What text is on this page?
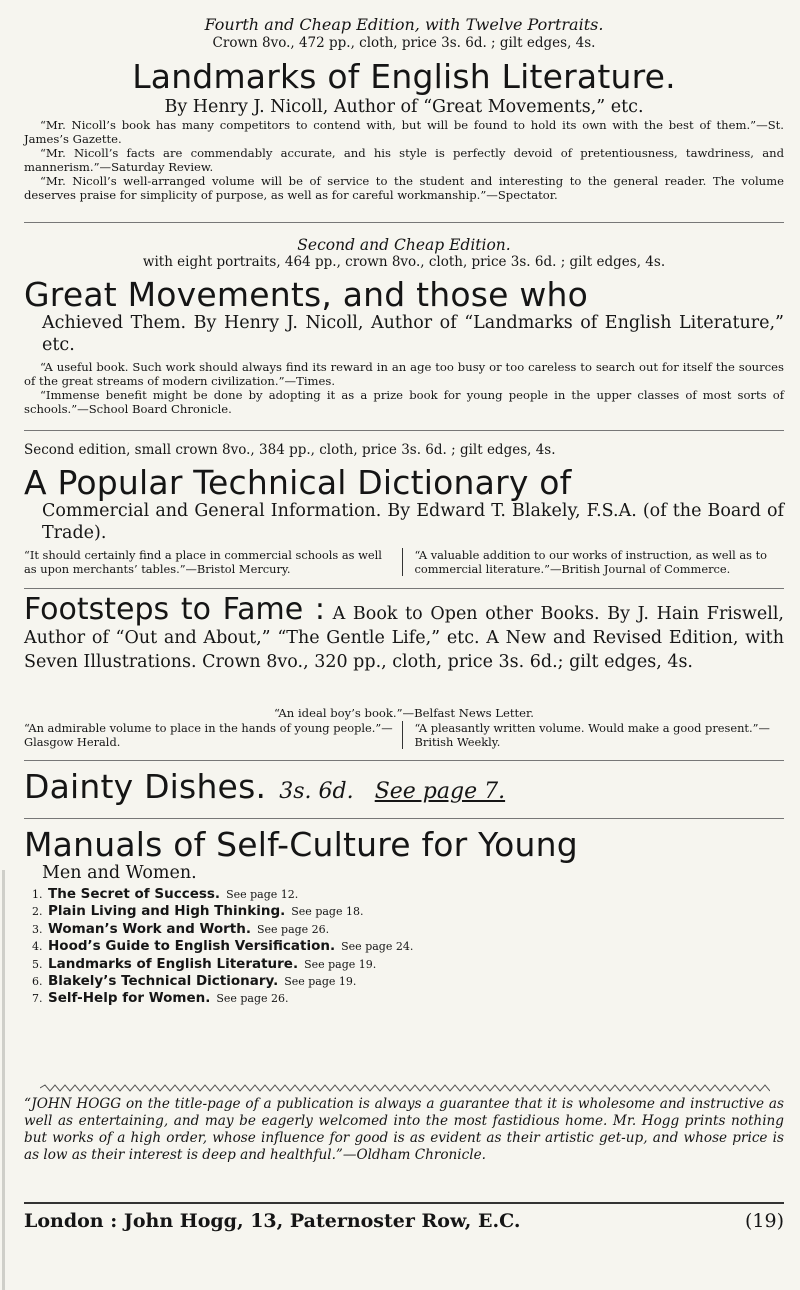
Fourth and Cheap Edition, with Twelve Portraits.
Crown 8vo., 472 pp., cloth, price 3s. 6d. ; gilt edges, 4s.
Landmarks of English Literature.
By Henry J. Nicoll, Author of “Great Movements,” etc.

“Mr. Nicoll’s book has many competitors to contend with, but will be found to hold its own with the best of them.”—St. James’s Gazette.

“Mr. Nicoll’s facts are commendably accurate, and his style is perfectly devoid of pretentiousness, tawdriness, and mannerism.”—Saturday Review.

“Mr. Nicoll’s well-arranged volume will be of service to the student and interesting to the general reader. The volume deserves praise for simplicity of purpose, as well as for careful workmanship.”—Spectator.

Second and Cheap Edition.
with eight portraits, 464 pp., crown 8vo., cloth, price 3s. 6d. ; gilt edges, 4s.
Great Movements, and those who
Achieved Them. By Henry J. Nicoll, Author of “Landmarks of English Literature,” etc.

“A useful book. Such work should always find its reward in an age too busy or too careless to search out for itself the sources of the great streams of modern civilization.”—Times.

“Immense benefit might be done by adopting it as a prize book for young people in the upper classes of most sorts of schools.”—School Board Chronicle.

Second edition, small crown 8vo., 384 pp., cloth, price 3s. 6d. ; gilt edges, 4s.
A Popular Technical Dictionary of
Commercial and General Information. By Edward T. Blakely, F.S.A. (of the Board of Trade).
“It should certainly find a place in commercial schools as well as upon merchants’ tables.”—Bristol Mercury.
“A valuable addition to our works of instruction, as well as to commercial literature.”—British Journal of Commerce.
Footsteps to Fame : A Book to Open other Books. By J. Hain Friswell, Author of “Out and About,” “The Gentle Life,” etc. A New and Revised Edition, with Seven Illustrations. Crown 8vo., 320 pp., cloth, price 3s. 6d.; gilt edges, 4s.
“An ideal boy’s book.”—Belfast News Letter.
“An admirable volume to place in the hands of young people.”—Glasgow Herald.
“A pleasantly written volume. Would make a good present.”—British Weekly.
Dainty Dishes. 3s. 6d. See page 7.
Manuals of Self-Culture for Young
Men and Women.
1. The Secret of Success. See page 12.
2. Plain Living and High Thinking. See page 18.
3. Woman’s Work and Worth. See page 26.
4. Hood’s Guide to English Versification. See page 24.
5. Landmarks of English Literature. See page 19.
6. Blakely’s Technical Dictionary. See page 19.
7. Self-Help for Women. See page 26.
“JOHN HOGG on the title-page of a publication is always a guarantee that it is wholesome and instructive as well as entertaining, and may be eagerly welcomed into the most fastidious home. Mr. Hogg prints nothing but works of a high order, whose influence for good is as evident as their artistic get-up, and whose price is as low as their interest is deep and healthful.”—Oldham Chronicle.
London : John Hogg, 13, Paternoster Row, E.C.	(19)
